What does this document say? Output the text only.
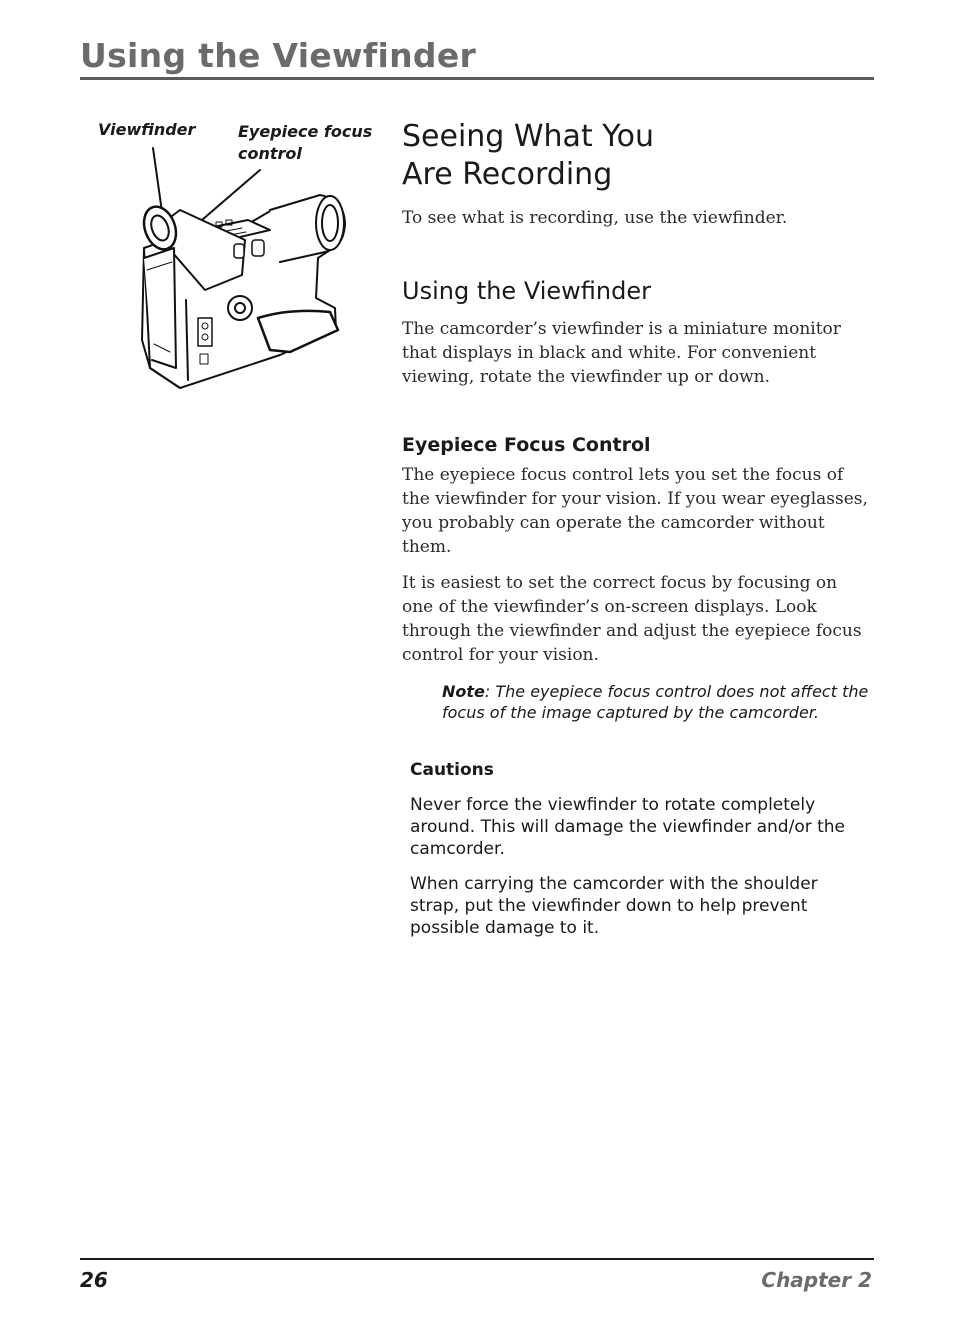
Using the Viewfinder
Viewfinder	Eyepiece focus
control	Seeing What You
Are Recording

To see what is recording, use the viewfinder.

Using the Viewfinder

The camcorder’s viewfinder is a miniature monitor that displays in black and white. For convenient viewing, rotate the viewfinder up or down.

Eyepiece Focus Control

The eyepiece focus control lets you set the focus of the viewfinder for your vision. If you wear eyeglasses, you probably can operate the camcorder without them.

It is easiest to set the correct focus by focusing on one of the viewfinder’s on-screen displays. Look through the viewfinder and adjust the eyepiece focus control for your vision.

Note: The eyepiece focus control does not affect the focus of the image captured by the camcorder.

Cautions

Never force the viewfinder to rotate completely around. This will damage the viewfinder and/or the camcorder.

When carrying the camcorder with the shoulder strap, put the viewfinder down to help prevent possible damage to it.

26	Chapter 2
